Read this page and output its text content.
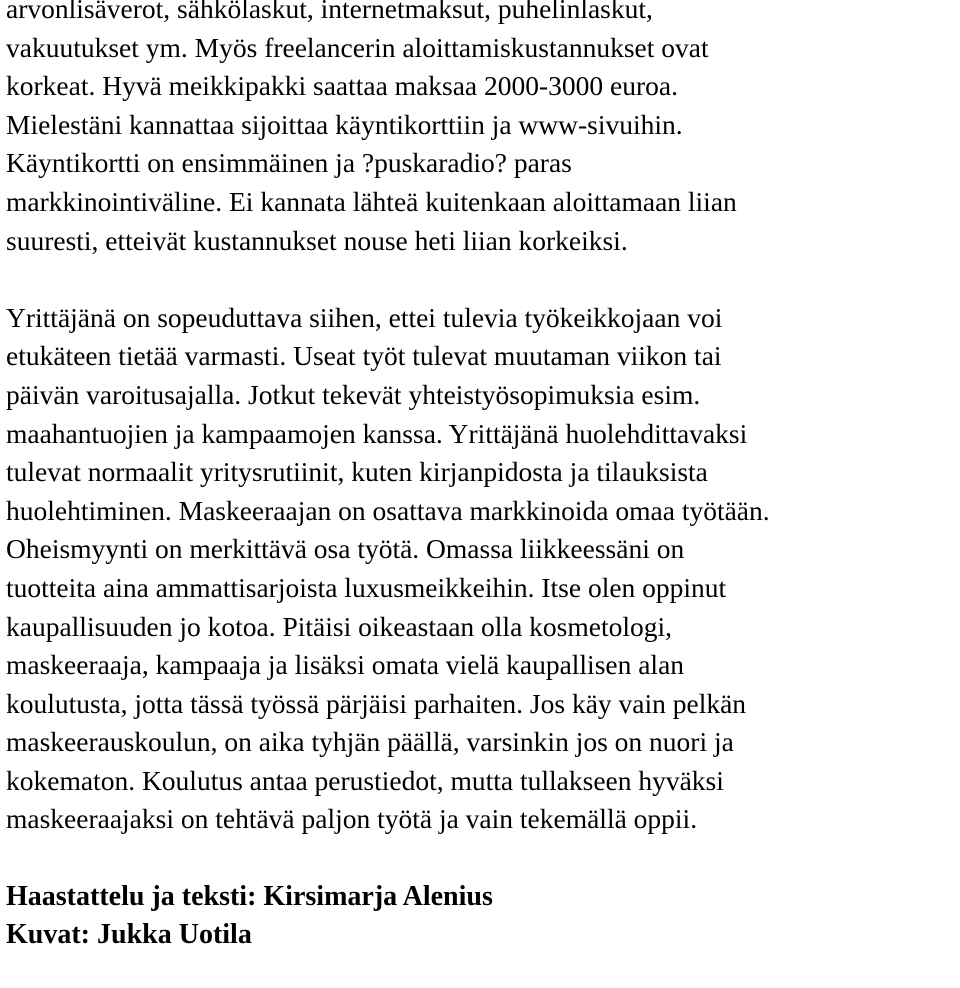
arvonlisäverot, sähkölaskut, internetmaksut, puhelinlaskut,
vakuutukset ym. Myös freelancerin aloittamiskustannukset ovat
korkeat. Hyvä meikkipakki saattaa maksaa 2000-3000 euroa.
Mielestäni kannattaa sijoittaa käyntikorttiin ja www-sivuihin.
Käyntikortti on ensimmäinen ja ?puskaradio? paras
markkinointiväline. Ei kannata lähteä kuitenkaan aloittamaan liian
suuresti, etteivät kustannukset nouse heti liian korkeiksi.
Yrittäjänä on sopeuduttava siihen, ettei tulevia työkeikkojaan voi
etukäteen tietää varmasti. Useat työt tulevat muutaman viikon tai
päivän varoitusajalla. Jotkut tekevät yhteistyösopimuksia esim.
maahantuojien ja kampaamojen kanssa. Yrittäjänä huolehdittavaksi
tulevat normaalit yritysrutiinit, kuten kirjanpidosta ja tilauksista
huolehtiminen. Maskeeraajan on osattava markkinoida omaa työtään.
Oheismyynti on merkittävä osa työtä. Omassa liikkeessäni on
tuotteita aina ammattisarjoista luxusmeikkeihin. Itse olen oppinut
kaupallisuuden jo kotoa. Pitäisi oikeastaan olla kosmetologi,
maskeeraaja, kampaaja ja lisäksi omata vielä kaupallisen alan
koulutusta, jotta tässä työssä pärjäisi parhaiten. Jos käy vain pelkän
maskeerauskoulun, on aika tyhjän päällä, varsinkin jos on nuori ja
kokematon. Koulutus antaa perustiedot, mutta tullakseen hyväksi
maskeeraajaksi on tehtävä paljon työtä ja vain tekemällä oppii.
Haastattelu ja teksti: Kirsimarja Alenius
Kuvat: Jukka Uotila
